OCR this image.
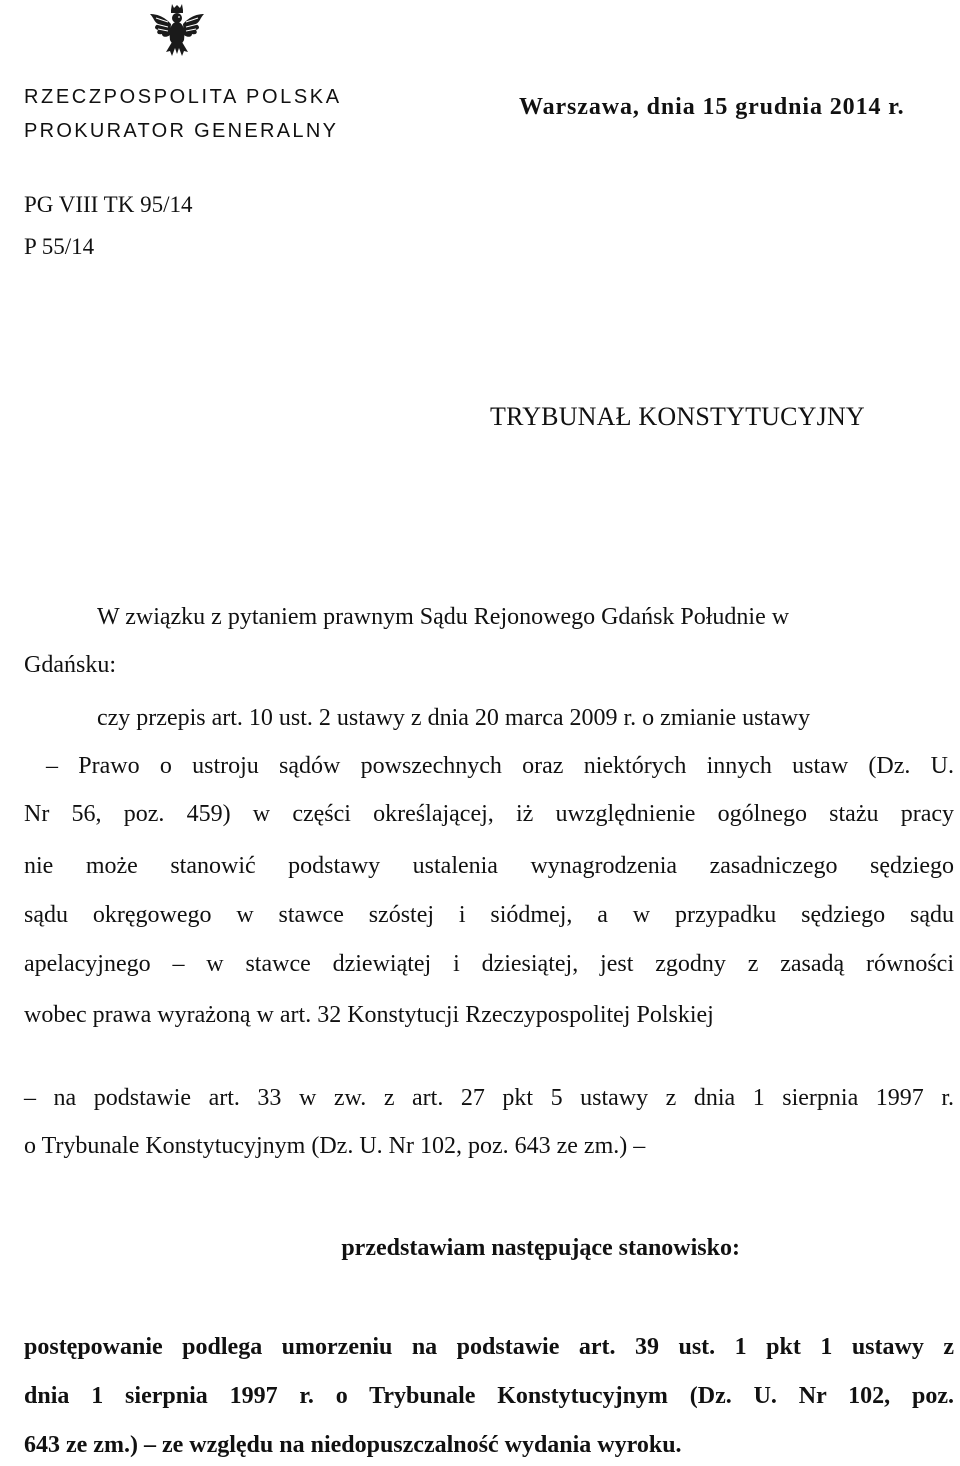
RZECZPOSPOLITA POLSKA
PROKURATOR GENERALNY
Warszawa, dnia 15 grudnia 2014 r.
PG VIII TK 95/14
P 55/14
TRYBUNAŁ KONSTYTUCYJNY
W związku z pytaniem prawnym Sądu Rejonowego Gdańsk Południe w
Gdańsku:
czy przepis art. 10 ust. 2 ustawy z dnia 20 marca 2009 r. o zmianie ustawy
– Prawo o ustroju sądów powszechnych oraz niektórych innych ustaw (Dz. U.
Nr 56, poz. 459) w części określającej, iż uwzględnienie ogólnego stażu pracy
nie może stanowić podstawy ustalenia wynagrodzenia zasadniczego sędziego
sądu okręgowego w stawce szóstej i siódmej, a w przypadku sędziego sądu
apelacyjnego – w stawce dziewiątej i dziesiątej, jest zgodny z zasadą równości
wobec prawa wyrażoną w art. 32 Konstytucji Rzeczypospolitej Polskiej
– na podstawie art. 33 w zw. z art. 27 pkt 5 ustawy z dnia 1 sierpnia 1997 r.
o Trybunale Konstytucyjnym (Dz. U. Nr 102, poz. 643 ze zm.) –
przedstawiam następujące stanowisko:
postępowanie podlega umorzeniu na podstawie art. 39 ust. 1 pkt 1 ustawy z
dnia 1 sierpnia 1997 r. o Trybunale Konstytucyjnym (Dz. U. Nr 102, poz.
643 ze zm.) – ze względu na niedopuszczalność wydania wyroku.
